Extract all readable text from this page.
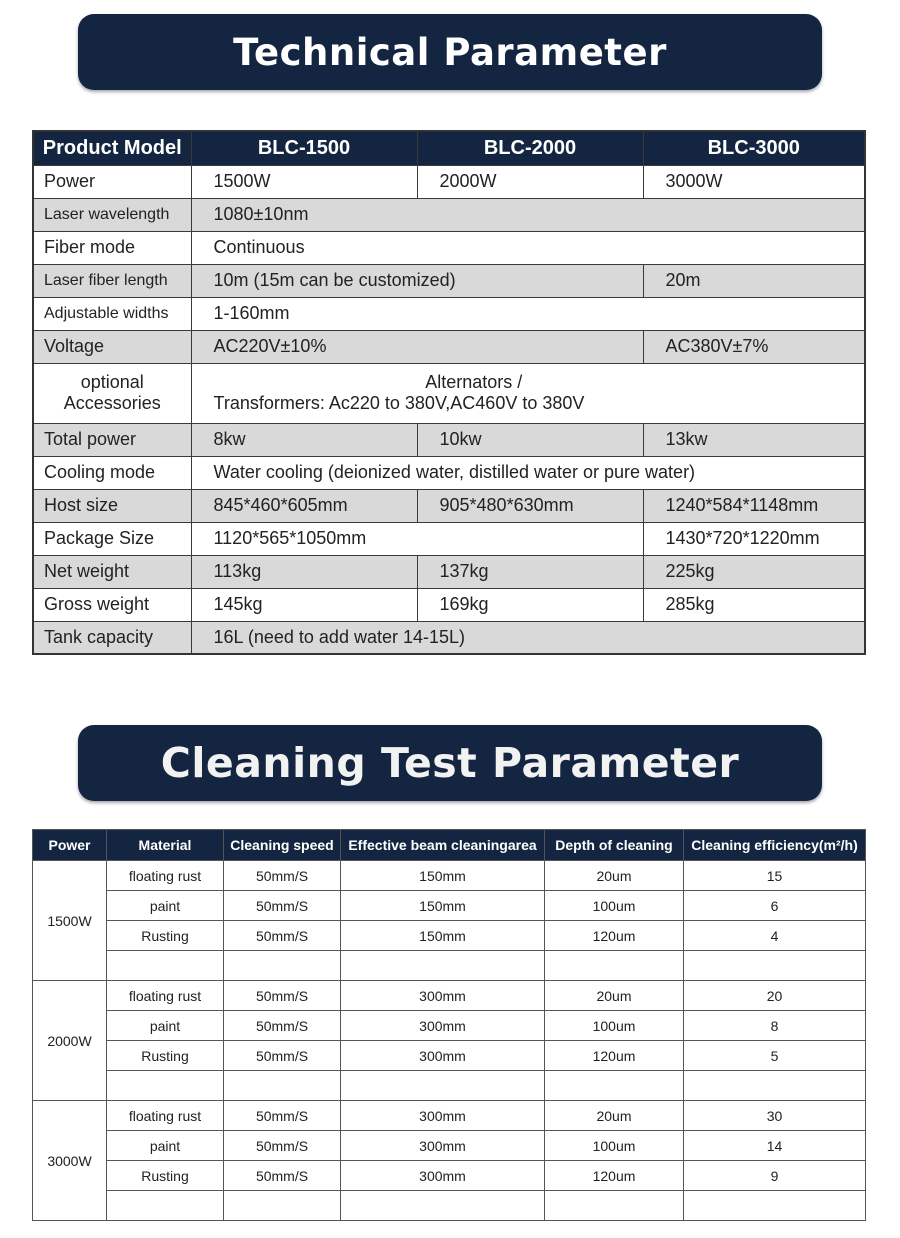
Technical Parameter
Product Model	BLC-1500	BLC-2000	BLC-3000
Power	1500W	2000W	3000W
Laser wavelength	1080±10nm		
Fiber mode	Continuous		
Laser fiber length	10m (15m can be customized)		20m
Adjustable widths	1-160mm		
Voltage	AC220V±10%		AC380V±7%
optional Accessories	Alternators /
Transformers: Ac220 to 380V,AC460V to 380V		
Total power	8kw	10kw	13kw
Cooling mode	Water cooling (deionized water, distilled water or pure water)		
Host size	845*460*605mm	905*480*630mm	1240*584*1148mm
Package Size	1120*565*1050mm		1430*720*1220mm
Net weight	113kg	137kg	225kg
Gross weight	145kg	169kg	285kg
Tank capacity	16L (need to add water 14-15L)		
Cleaning Test Parameter
Power	Material	Cleaning speed	Effective beam cleaningarea	Depth of cleaning	Cleaning efficiency(m²/h)
1500W	floating rust	50mm/S	150mm	20um	15
	paint	50mm/S	150mm	100um	6
	Rusting	50mm/S	150mm	120um	4

2000W	floating rust	50mm/S	300mm	20um	20
	paint	50mm/S	300mm	100um	8
	Rusting	50mm/S	300mm	120um	5

3000W	floating rust	50mm/S	300mm	20um	30
	paint	50mm/S	300mm	100um	14
	Rusting	50mm/S	300mm	120um	9
